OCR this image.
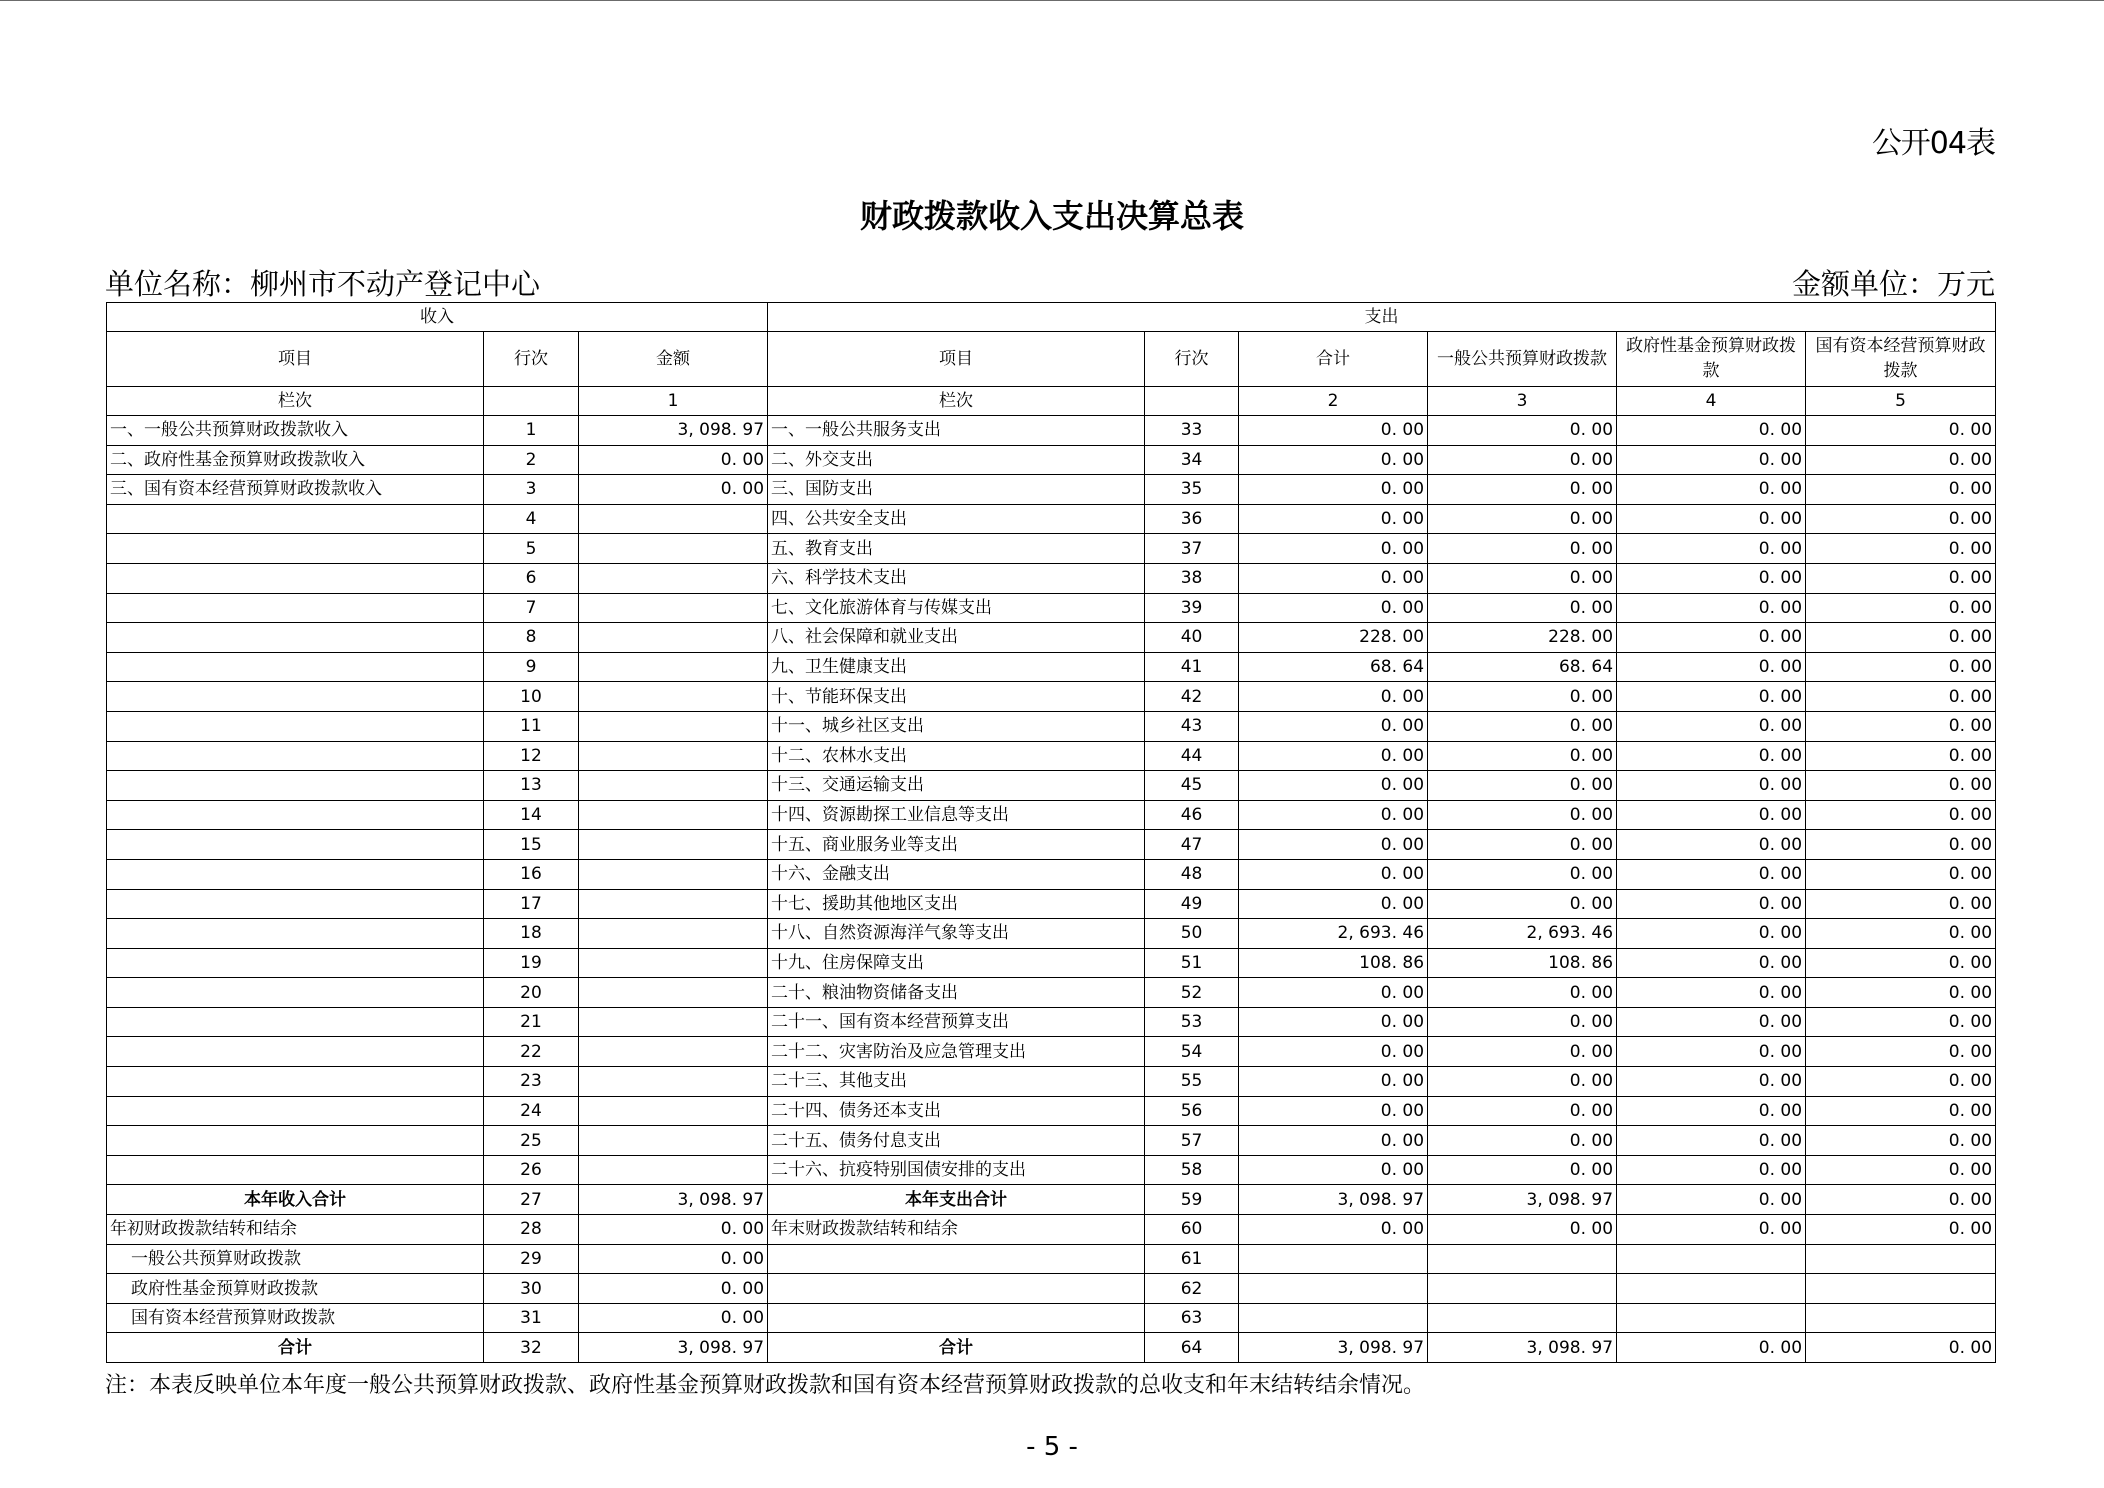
公开04表
财政拨款收入支出决算总表
单位名称：柳州市不动产登记中心	金额单位：万元
收入			支出					
项目	行次	金额	项目	行次	合计	一般公共预算财政拨款	政府性基金预算财政拨款	国有资本经营预算财政拨款
栏次		1	栏次		2	3	4	5
一、一般公共预算财政拨款收入	1	3, 098. 97	一、一般公共服务支出	33	0. 00	0. 00	0. 00	0. 00
二、政府性基金预算财政拨款收入	2	0. 00	二、外交支出	34	0. 00	0. 00	0. 00	0. 00
三、国有资本经营预算财政拨款收入	3	0. 00	三、国防支出	35	0. 00	0. 00	0. 00	0. 00
	4		四、公共安全支出	36	0. 00	0. 00	0. 00	0. 00
	5		五、教育支出	37	0. 00	0. 00	0. 00	0. 00
	6		六、科学技术支出	38	0. 00	0. 00	0. 00	0. 00
	7		七、文化旅游体育与传媒支出	39	0. 00	0. 00	0. 00	0. 00
	8		八、社会保障和就业支出	40	228. 00	228. 00	0. 00	0. 00
	9		九、卫生健康支出	41	68. 64	68. 64	0. 00	0. 00
	10		十、节能环保支出	42	0. 00	0. 00	0. 00	0. 00
	11		十一、城乡社区支出	43	0. 00	0. 00	0. 00	0. 00
	12		十二、农林水支出	44	0. 00	0. 00	0. 00	0. 00
	13		十三、交通运输支出	45	0. 00	0. 00	0. 00	0. 00
	14		十四、资源勘探工业信息等支出	46	0. 00	0. 00	0. 00	0. 00
	15		十五、商业服务业等支出	47	0. 00	0. 00	0. 00	0. 00
	16		十六、金融支出	48	0. 00	0. 00	0. 00	0. 00
	17		十七、援助其他地区支出	49	0. 00	0. 00	0. 00	0. 00
	18		十八、自然资源海洋气象等支出	50	2, 693. 46	2, 693. 46	0. 00	0. 00
	19		十九、住房保障支出	51	108. 86	108. 86	0. 00	0. 00
	20		二十、粮油物资储备支出	52	0. 00	0. 00	0. 00	0. 00
	21		二十一、国有资本经营预算支出	53	0. 00	0. 00	0. 00	0. 00
	22		二十二、灾害防治及应急管理支出	54	0. 00	0. 00	0. 00	0. 00
	23		二十三、其他支出	55	0. 00	0. 00	0. 00	0. 00
	24		二十四、债务还本支出	56	0. 00	0. 00	0. 00	0. 00
	25		二十五、债务付息支出	57	0. 00	0. 00	0. 00	0. 00
	26		二十六、抗疫特别国债安排的支出	58	0. 00	0. 00	0. 00	0. 00
本年收入合计	27	3, 098. 97	本年支出合计	59	3, 098. 97	3, 098. 97	0. 00	0. 00
年初财政拨款结转和结余	28	0. 00	年末财政拨款结转和结余	60	0. 00	0. 00	0. 00	0. 00
一般公共预算财政拨款	29	0. 00		61				
政府性基金预算财政拨款	30	0. 00		62				
国有资本经营预算财政拨款	31	0. 00		63				
合计	32	3, 098. 97	合计	64	3, 098. 97	3, 098. 97	0. 00	0. 00
注：本表反映单位本年度一般公共预算财政拨款、政府性基金预算财政拨款和国有资本经营预算财政拨款的总收支和年末结转结余情况。
- 5 -
